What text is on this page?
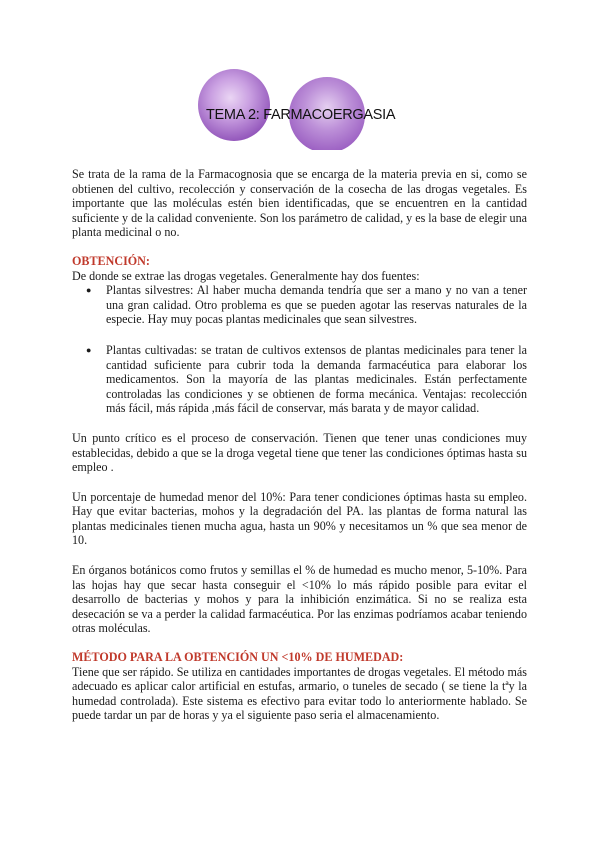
TEMA 2: FARMACOERGASIA

Se trata de la rama de la Farmacognosia que se encarga de la materia previa en si, como se obtienen del cultivo, recolección y conservación de la cosecha de las drogas vegetales. Es importante que las moléculas estén bien identificadas, que se encuentren en la cantidad suficiente y de la calidad conveniente. Son los parámetro de calidad, y es la base de elegir una planta medicinal o no.

OBTENCIÓN:

De donde se extrae las drogas vegetales. Generalmente hay dos fuentes:

● Plantas silvestres: Al haber mucha demanda tendría que ser a mano y no van a tener una gran calidad. Otro problema es que se pueden agotar las reservas naturales de la especie. Hay muy pocas plantas medicinales que sean silvestres.
● Plantas cultivadas: se tratan de cultivos extensos de plantas medicinales para tener la cantidad suficiente para cubrir toda la demanda farmacéutica para elaborar los medicamentos. Son la mayoría de las plantas medicinales. Están perfectamente controladas las condiciones y se obtienen de forma mecánica. Ventajas: recolección más fácil, más rápida ,más fácil de conservar, más barata y de mayor calidad.

Un punto crítico es el proceso de conservación. Tienen que tener unas condiciones muy establecidas, debido a que se la droga vegetal tiene que tener las condiciones óptimas hasta su empleo .

Un porcentaje de humedad menor del 10%: Para tener condiciones óptimas hasta su empleo. Hay que evitar bacterias, mohos y la degradación del PA. las plantas de forma natural las plantas medicinales tienen mucha agua, hasta un 90% y necesitamos un % que sea menor de 10.

En órganos botánicos como frutos y semillas el % de humedad es mucho menor, 5-10%. Para las hojas hay que secar hasta conseguir el <10% lo más rápido posible para evitar el desarrollo de bacterias y mohos y para la inhibición enzimática. Si no se realiza esta desecación se va a perder la calidad farmacéutica. Por las enzimas podríamos acabar teniendo otras moléculas.

MÉTODO PARA LA OBTENCIÓN UN <10% DE HUMEDAD:

Tiene que ser rápido. Se utiliza en cantidades importantes de drogas vegetales. El método más adecuado es aplicar calor artificial en estufas, armario, o tuneles de secado ( se tiene la tªy la humedad controlada). Este sistema es efectivo para evitar todo lo anteriormente hablado. Se puede tardar un par de horas y ya el siguiente paso seria el almacenamiento.
